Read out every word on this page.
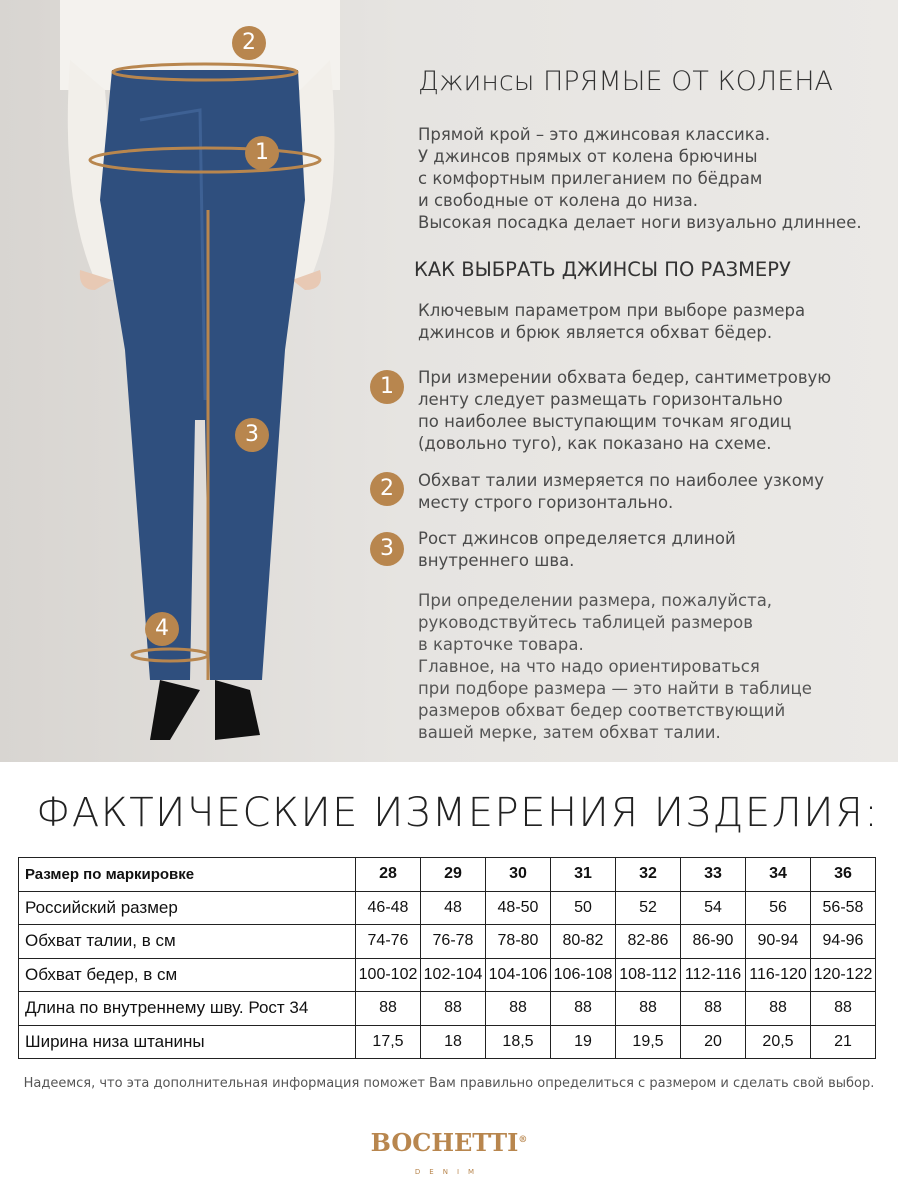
2
1
3
4
Джинсы ПРЯМЫЕ ОТ КОЛЕНА
Прямой крой – это джинсовая классика.
У джинсов прямых от колена брючины
с комфортным прилеганием по бёдрам
и свободные от колена до низа.
Высокая посадка делает ноги визуально длиннее.
КАК ВЫБРАТЬ ДЖИНСЫ ПО РАЗМЕРУ
Ключевым параметром при выборе размера
джинсов и брюк является обхват бёдер.
1	При измерении обхвата бедер, сантиметровую
ленту следует размещать горизонтально
по наиболее выступающим точкам ягодиц
(довольно туго), как показано на схеме.
2	Обхват талии измеряется по наиболее узкому
месту строго горизонтально.
3	Рост джинсов определяется длиной
внутреннего шва.
При определении размера, пожалуйста,
руководствуйтесь таблицей размеров
в карточке товара.
Главное, на что надо ориентироваться
при подборе размера — это найти в таблице
размеров обхват бедер соответствующий
вашей мерке, затем обхват талии.
ФАКТИЧЕСКИЕ ИЗМЕРЕНИЯ ИЗДЕЛИЯ:
Размер по маркировке	28	29	30	31	32	33	34	36
Российский размер	46-48	48	48-50	50	52	54	56	56-58
Обхват талии, в см	74-76	76-78	78-80	80-82	82-86	86-90	90-94	94-96
Обхват бедер, в см	100-102	102-104	104-106	106-108	108-112	112-116	116-120	120-122
Длина по внутреннему шву. Рост 34	88	88	88	88	88	88	88	88
Ширина низа штанины	17,5	18	18,5	19	19,5	20	20,5	21
Надеемся, что эта дополнительная информация поможет Вам правильно определиться с размером и сделать свой выбор.
BOCHETTI®
DENIM
